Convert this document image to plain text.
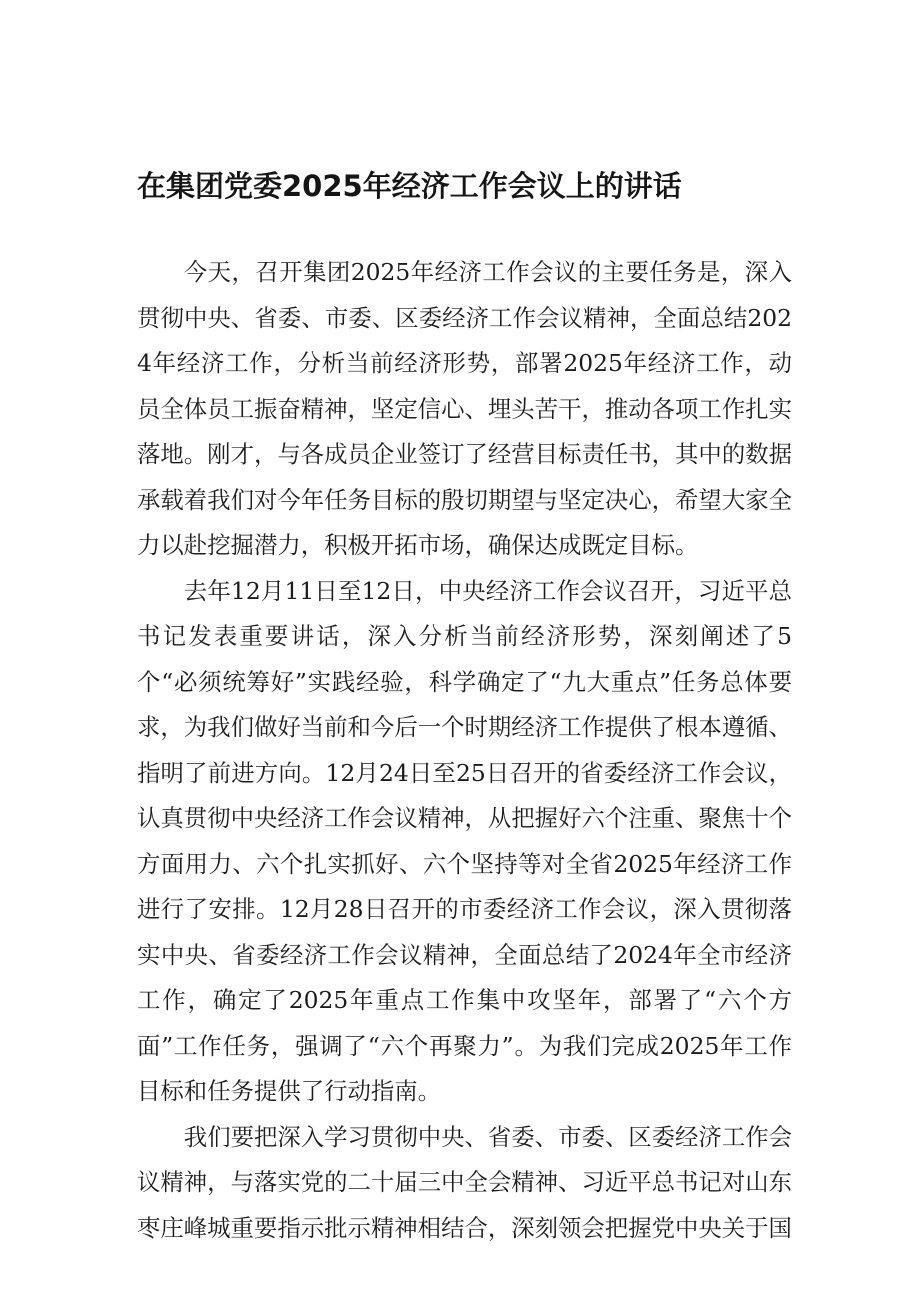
在集团党委2025年经济工作会议上的讲话

今天，召开集团2025年经济工作会议的主要任务是，深入贯彻中央、省委、市委、区委经济工作会议精神，全面总结2024年经济工作，分析当前经济形势，部署2025年经济工作，动员全体员工振奋精神，坚定信心、埋头苦干，推动各项工作扎实落地。刚才，与各成员企业签订了经营目标责任书，其中的数据承载着我们对今年任务目标的殷切期望与坚定决心，希望大家全力以赴挖掘潜力，积极开拓市场，确保达成既定目标。

去年12月11日至12日，中央经济工作会议召开，习近平总书记发表重要讲话，深入分析当前经济形势，深刻阐述了5个“必须统筹好”实践经验，科学确定了“九大重点”任务总体要求，为我们做好当前和今后一个时期经济工作提供了根本遵循、指明了前进方向。12月24日至25日召开的省委经济工作会议，认真贯彻中央经济工作会议精神，从把握好六个注重、聚焦十个方面用力、六个扎实抓好、六个坚持等对全省2025年经济工作进行了安排。12月28日召开的市委经济工作会议，深入贯彻落实中央、省委经济工作会议精神，全面总结了2024年全市经济工作，确定了2025年重点工作集中攻坚年，部署了“六个方面”工作任务，强调了“六个再聚力”。为我们完成2025年工作目标和任务提供了行动指南。

我们要把深入学习贯彻中央、省委、市委、区委经济工作会议精神，与落实党的二十届三中全会精神、习近平总书记对山东枣庄峰城重要指示批示精神相结合，深刻领会把握党中央关于国
